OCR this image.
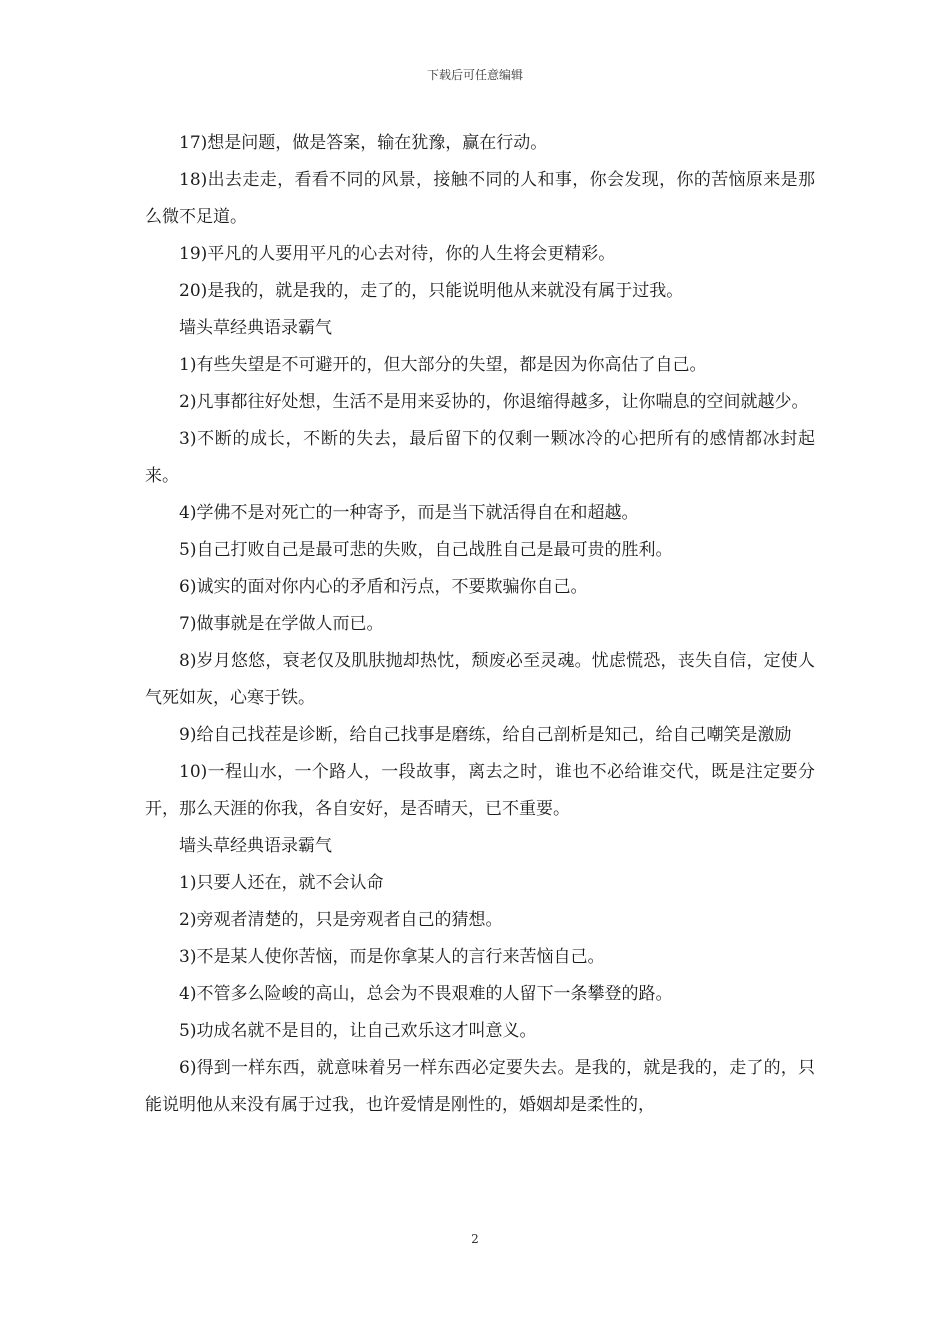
下载后可任意编辑

17)想是问题，做是答案，输在犹豫，赢在行动。

18)出去走走，看看不同的风景，接触不同的人和事，你会发现，你的苦恼原来是那么微不足道。

19)平凡的人要用平凡的心去对待，你的人生将会更精彩。

20)是我的，就是我的，走了的，只能说明他从来就没有属于过我。

墙头草经典语录霸气

1)有些失望是不可避开的，但大部分的失望，都是因为你高估了自己。

2)凡事都往好处想，生活不是用来妥协的，你退缩得越多，让你喘息的空间就越少。

3)不断的成长，不断的失去，最后留下的仅剩一颗冰冷的心把所有的感情都冰封起来。

4)学佛不是对死亡的一种寄予，而是当下就活得自在和超越。

5)自己打败自己是最可悲的失败，自己战胜自己是最可贵的胜利。

6)诚实的面对你内心的矛盾和污点，不要欺骗你自己。

7)做事就是在学做人而已。

8)岁月悠悠，衰老仅及肌肤抛却热忱，颓废必至灵魂。忧虑慌恐，丧失自信，定使人气死如灰，心寒于铁。

9)给自己找茬是诊断，给自己找事是磨练，给自己剖析是知己，给自己嘲笑是激励

10)一程山水，一个路人，一段故事，离去之时，谁也不必给谁交代，既是注定要分开，那么天涯的你我，各自安好，是否晴天，已不重要。

墙头草经典语录霸气

1)只要人还在，就不会认命

2)旁观者清楚的，只是旁观者自己的猜想。

3)不是某人使你苦恼，而是你拿某人的言行来苦恼自己。

4)不管多么险峻的高山，总会为不畏艰难的人留下一条攀登的路。

5)功成名就不是目的，让自己欢乐这才叫意义。

6)得到一样东西，就意味着另一样东西必定要失去。是我的，就是我的，走了的，只能说明他从来没有属于过我，也许爱情是刚性的，婚姻却是柔性的，

2
